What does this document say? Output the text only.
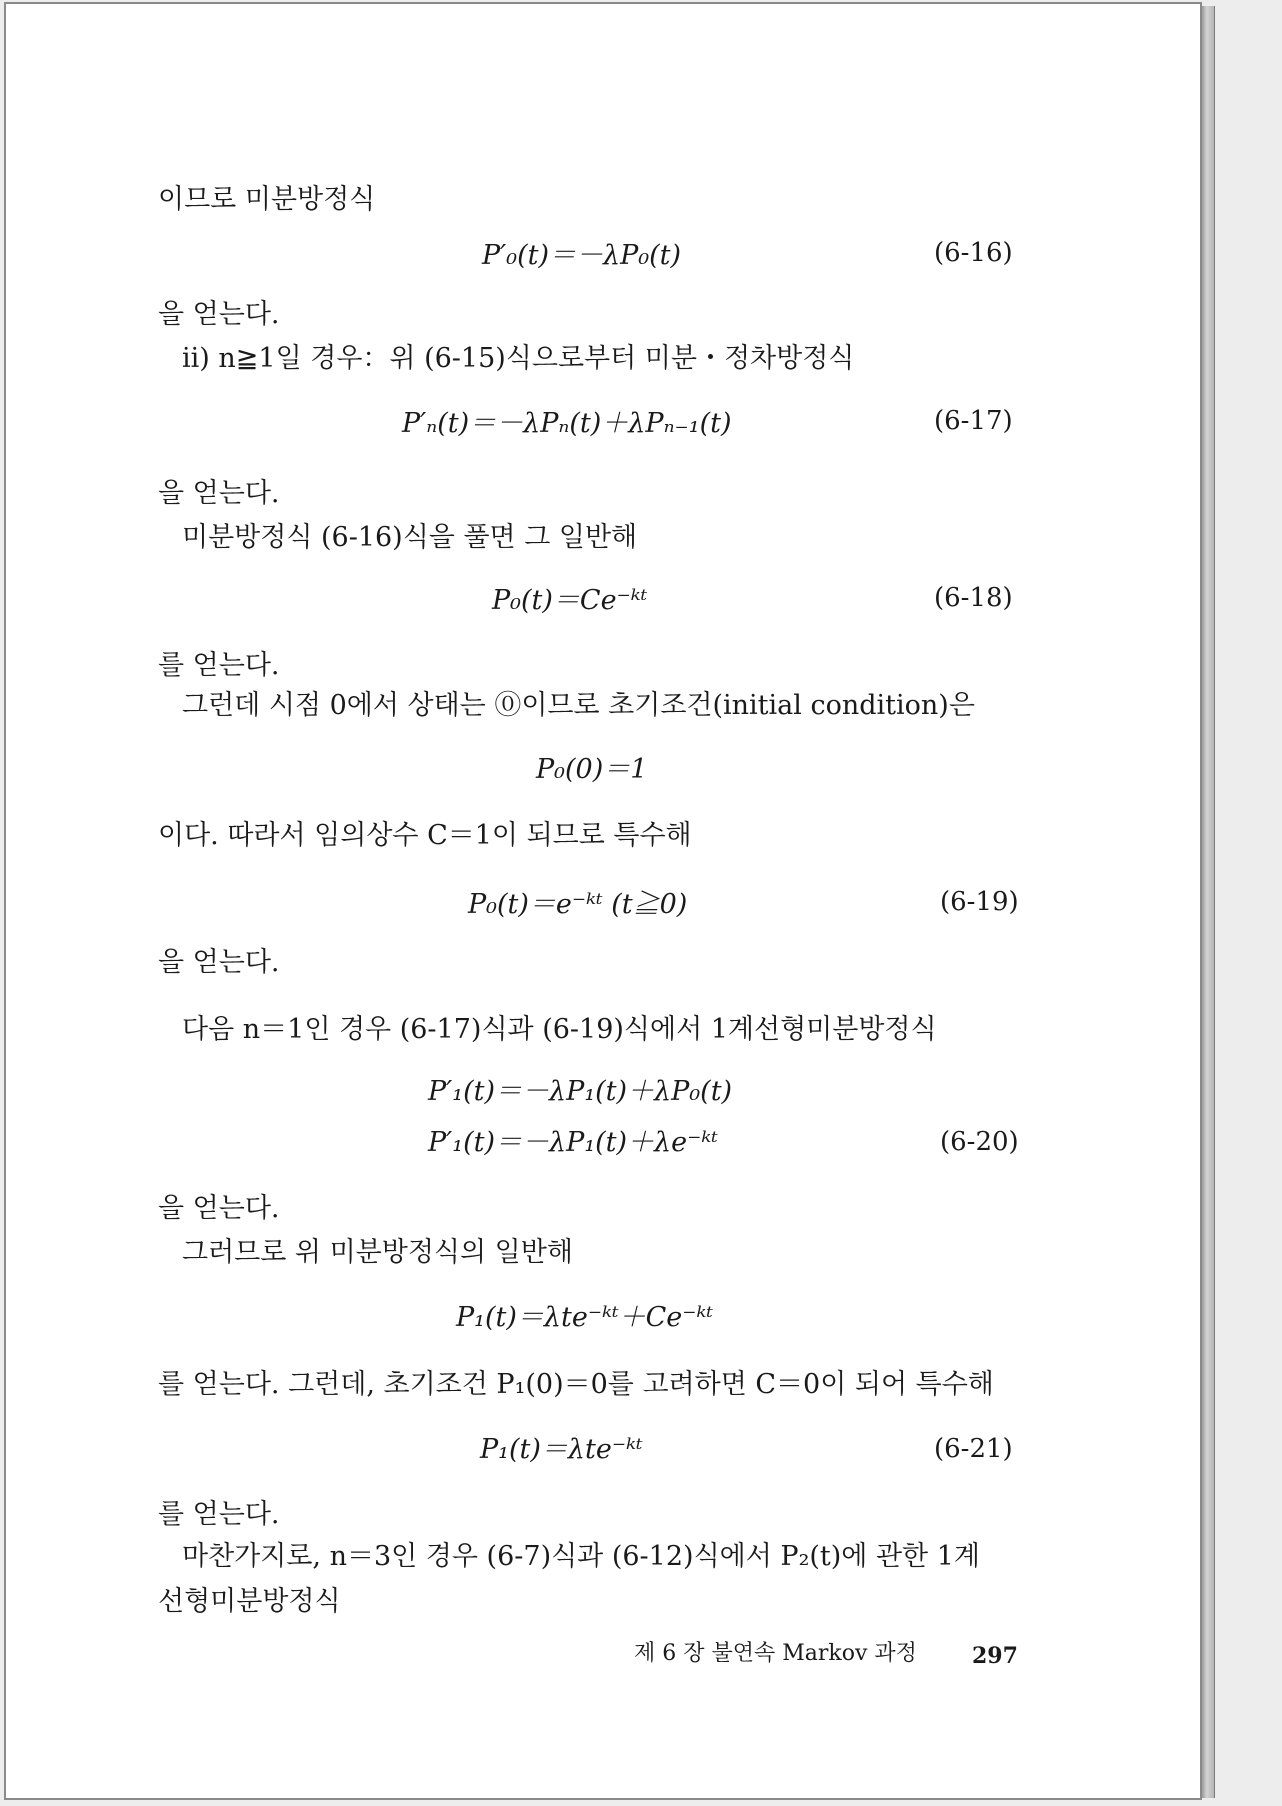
이므로 미분방정식
P′₀(t)＝－λP₀(t)	(6-16)
을 얻는다.
ii) n≧1일 경우：위 (6-15)식으로부터 미분・정차방정식
P′ₙ(t)＝－λPₙ(t)＋λPₙ₋₁(t)	(6-17)
을 얻는다.
미분방정식 (6-16)식을 풀면 그 일반해
P₀(t)＝Ce⁻ᵏᵗ	(6-18)
를 얻는다.
그런데 시점 0에서 상태는 ⓪이므로 초기조건(initial condition)은
P₀(0)＝1
이다. 따라서 임의상수 C＝1이 되므로 특수해
P₀(t)＝e⁻ᵏᵗ (t≧0)	(6-19)
을 얻는다.
다음 n＝1인 경우 (6-17)식과 (6-19)식에서 1계선형미분방정식
P′₁(t)＝－λP₁(t)＋λP₀(t)
P′₁(t)＝－λP₁(t)＋λe⁻ᵏᵗ	(6-20)
을 얻는다.
그러므로 위 미분방정식의 일반해
P₁(t)＝λte⁻ᵏᵗ＋Ce⁻ᵏᵗ
를 얻는다. 그런데, 초기조건 P₁(0)＝0를 고려하면 C＝0이 되어 특수해
P₁(t)＝λte⁻ᵏᵗ	(6-21)
를 얻는다.
마찬가지로, n＝3인 경우 (6-7)식과 (6-12)식에서 P₂(t)에 관한 1계
선형미분방정식
제 6 장 불연속 Markov 과정	297
